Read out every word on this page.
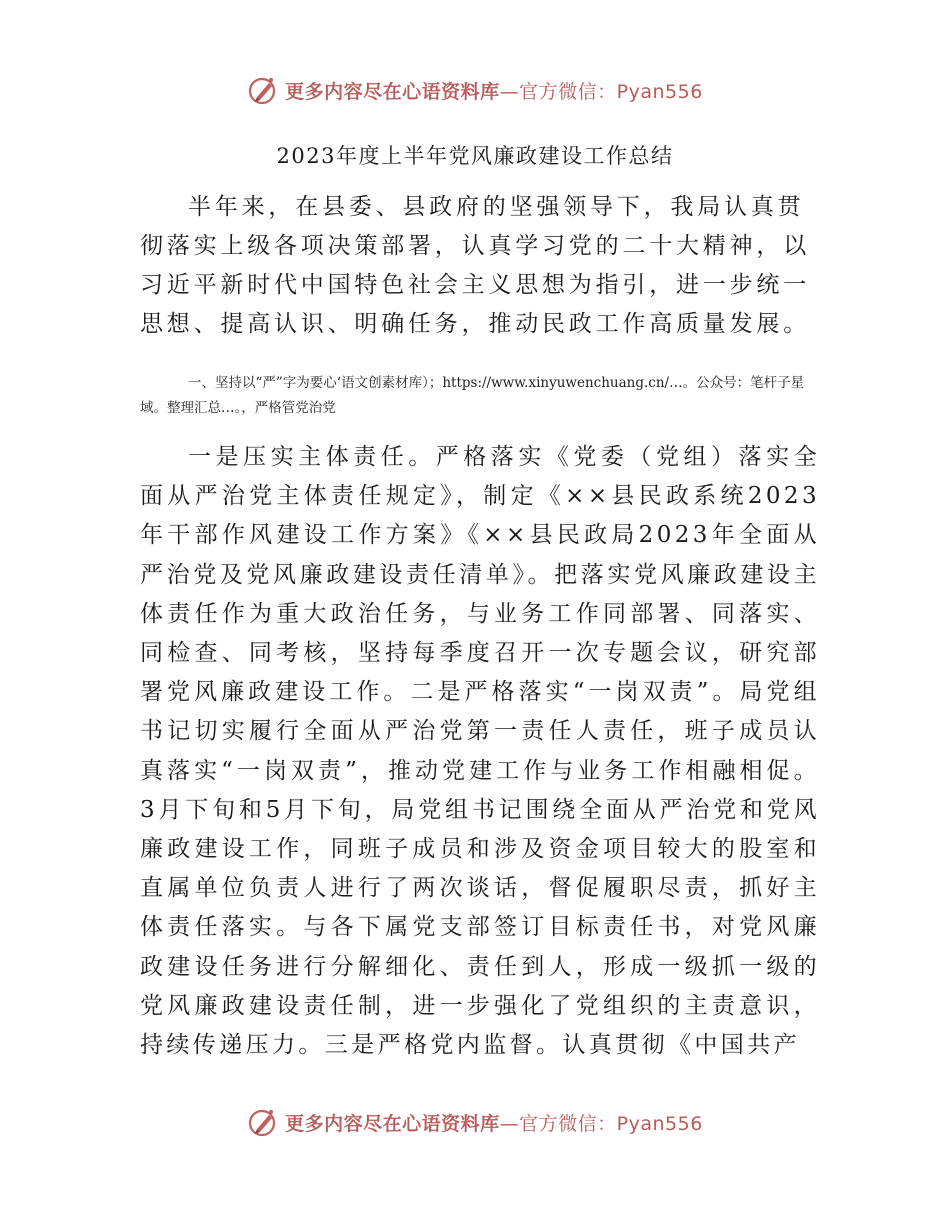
更多内容尽在心语资料库—官方微信：Pyan556
2023年度上半年党风廉政建设工作总结

半年来，在县委、县政府的坚强领导下，我局认真贯彻落实上级各项决策部署，认真学习党的二十大精神，以习近平新时代中国特色社会主义思想为指引，进一步统一思想、提高认识、明确任务，推动民政工作高质量发展。

一、坚持以“严”字为要心‘语文创素材库）；https://www.xinyuwenchuang.cn/…。公众号：笔杆子星域。整理汇总…。，严格管党治党

一是压实主体责任。严格落实《党委（党组）落实全面从严治党主体责任规定》，制定《××县民政系统2023年干部作风建设工作方案》《××县民政局2023年全面从严治党及党风廉政建设责任清单》。把落实党风廉政建设主体责任作为重大政治任务，与业务工作同部署、同落实、同检查、同考核，坚持每季度召开一次专题会议，研究部署党风廉政建设工作。二是严格落实“一岗双责”。局党组书记切实履行全面从严治党第一责任人责任，班子成员认真落实“一岗双责”，推动党建工作与业务工作相融相促。3月下旬和5月下旬，局党组书记围绕全面从严治党和党风廉政建设工作，同班子成员和涉及资金项目较大的股室和直属单位负责人进行了两次谈话，督促履职尽责，抓好主体责任落实。与各下属党支部签订目标责任书，对党风廉政建设任务进行分解细化、责任到人，形成一级抓一级的党风廉政建设责任制，进一步强化了党组织的主责意识，持续传递压力。三是严格党内监督。认真贯彻《中国共产

更多内容尽在心语资料库—官方微信：Pyan556
